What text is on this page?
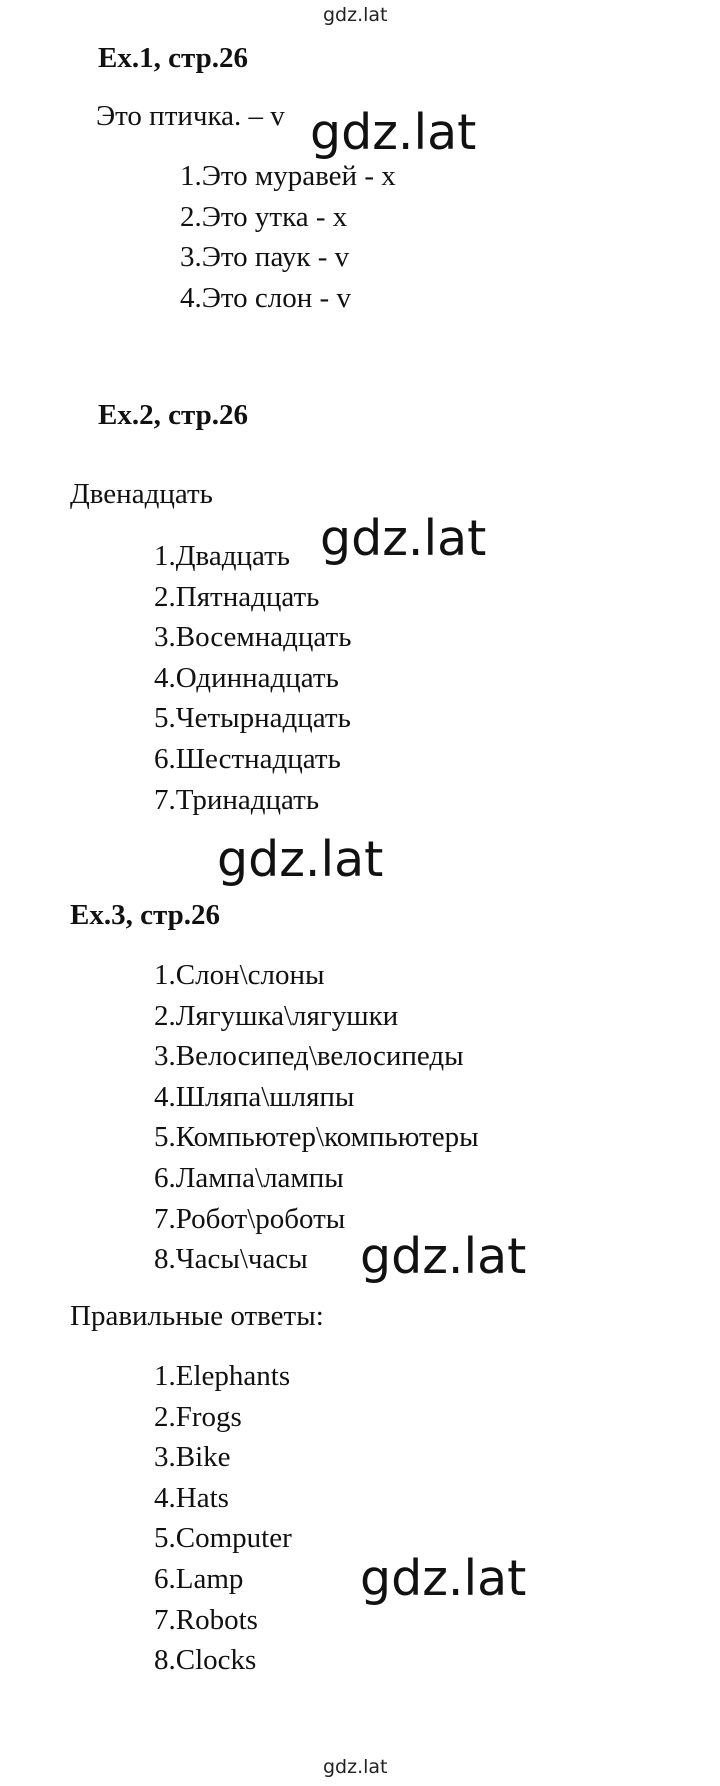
gdz.lat
Ex.1, стр.26
Это птичка. – v
1.Это муравей - x
2.Это утка - x
3.Это паук - v
4.Это слон - v
Ex.2, стр.26
Двенадцать
1.Двадцать
2.Пятнадцать
3.Восемнадцать
4.Одиннадцать
5.Четырнадцать
6.Шестнадцать
7.Тринадцать
Ex.3, стр.26
1.Слон\слоны
2.Лягушка\лягушки
3.Велосипед\велосипеды
4.Шляпа\шляпы
5.Компьютер\компьютеры
6.Лампа\лампы
7.Робот\роботы
8.Часы\часы
Правильные ответы:
1.Elephants
2.Frogs
3.Bike
4.Hats
5.Computer
6.Lamp
7.Robots
8.Clocks
gdz.lat
gdz.lat
gdz.lat
gdz.lat
gdz.lat
gdz.lat
